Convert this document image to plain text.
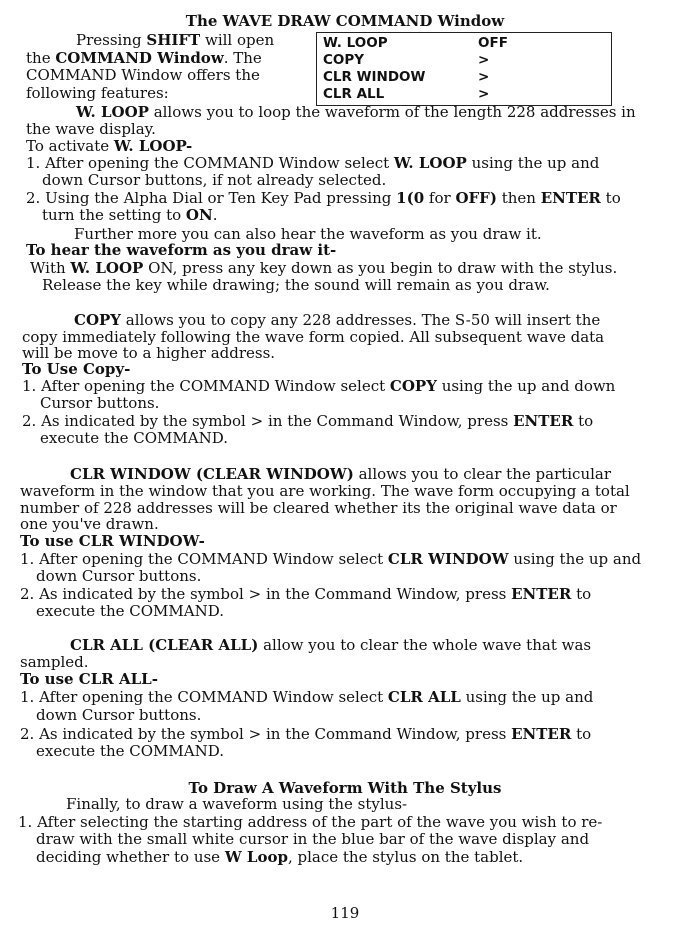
The WAVE DRAW COMMAND Window

Pressing SHIFT will open

the COMMAND Window. The

COMMAND Window offers the

following features:

W. LOOP	OFF
COPY	>
CLR WINDOW	>
CLR ALL	>
W. LOOP allows you to loop the waveform of the length 228 addresses in
the wave display.
To activate W. LOOP-
1. After opening the COMMAND Window select W. LOOP using the up and
down Cursor buttons, if not already selected.
2. Using the Alpha Dial or Ten Key Pad pressing 1(0 for OFF) then ENTER to
turn the setting to ON.
Further more you can also hear the waveform as you draw it.
To hear the waveform as you draw it-
With W. LOOP ON, press any key down as you begin to draw with the stylus.
Release the key while drawing; the sound will remain as you draw.
COPY allows you to copy any 228 addresses. The S-50 will insert the
copy immediately following the wave form copied. All subsequent wave data
will be move to a higher address.
To Use Copy-
1. After opening the COMMAND Window select COPY using the up and down
Cursor buttons.
2. As indicated by the symbol > in the Command Window, press ENTER to
execute the COMMAND.
CLR WINDOW (CLEAR WINDOW) allows you to clear the particular
waveform in the window that you are working. The wave form occupying a total
number of 228 addresses will be cleared whether its the original wave data or
one you've drawn.
To use CLR WINDOW-
1. After opening the COMMAND Window select CLR WINDOW using the up and
down Cursor buttons.
2. As indicated by the symbol > in the Command Window, press ENTER to
execute the COMMAND.
CLR ALL (CLEAR ALL) allow you to clear the whole wave that was
sampled.
To use CLR ALL-
1. After opening the COMMAND Window select CLR ALL using the up and
down Cursor buttons.
2. As indicated by the symbol > in the Command Window, press ENTER to
execute the COMMAND.
To Draw A Waveform With The Stylus
Finally, to draw a waveform using the stylus-
1. After selecting the starting address of the part of the wave you wish to re-
draw with the small white cursor in the blue bar of the wave display and
deciding whether to use W Loop, place the stylus on the tablet.
119
